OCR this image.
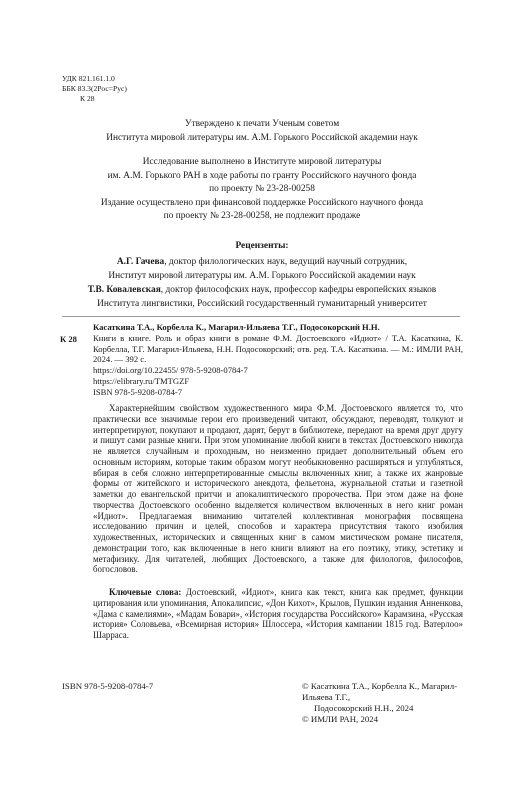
УДК 821.161.1.0
ББК 83.3(2Рос=Рус)
К 28
Утверждено к печати Ученым советом
Института мировой литературы им. А.М. Горького Российской академии наук
Исследование выполнено в Институте мировой литературы
им. А.М. Горького РАН в ходе работы по гранту Российского научного фонда
по проекту № 23-28-00258
Издание осуществлено при финансовой поддержке Российского научного фонда
по проекту № 23-28-00258, не подлежит продаже
Рецензенты:
А.Г. Гачева, доктор филологических наук, ведущий научный сотрудник,
Институт мировой литературы им. А.М. Горького Российской академии наук
Т.В. Ковалевская, доктор философских наук, профессор кафедры европейских языков
Института лингвистики, Российский государственный гуманитарный университет
К 28
Касаткина Т.А., Корбелла К., Магарил-Ильяева Т.Г., Подосокорский Н.Н.
Книги в книге. Роль и образ книги в романе Ф.М. Достоевского «Идиот» / Т.А. Касаткина, К. Корбелла, Т.Г. Магарил-Ильяева, Н.Н. Подосокорский; отв. ред. Т.А. Касаткина. — М.: ИМЛИ РАН, 2024. — 392 с.
https://doi.org/10.22455/ 978-5-9208-0784-7
https://elibrary.ru/TMTGZF
ISBN 978-5-9208-0784-7
Характернейшим свойством художественного мира Ф.М. Достоевского является то, что практически все значимые герои его произведений читают, обсуждают, переводят, толкуют и интерпретируют, покупают и продают, дарят, берут в библиотеке, передают на время друг другу и пишут сами разные книги. При этом упоминание любой книги в текстах Достоевского никогда не является случайным и проходным, но неизменно придает дополнительный объем его основным историям, которые таким образом могут необыкновенно расширяться и углубляться, вбирая в себя сложно интерпретированные смыслы включенных книг, а также их жанровые формы от житейского и исторического анекдота, фельетона, журнальной статьи и газетной заметки до евангельской притчи и апокалиптического пророчества. При этом даже на фоне творчества Достоевского особенно выделяется количеством включенных в него книг роман «Идиот». Предлагаемая вниманию читателей коллективная монография посвящена исследованию причин и целей, способов и характера присутствия такого изобилия художественных, исторических и священных книг в самом мистическом романе писателя, демонстрации того, как включенные в него книги влияют на его поэтику, этику, эстетику и метафизику. Для читателей, любящих Достоевского, а также для филологов, философов, богословов.
Ключевые слова: Достоевский, «Идиот», книга как текст, книга как предмет, функции цитирования или упоминания, Апокалипсис, «Дон Кихот», Крылов, Пушкин издания Анненкова, «Дама с камелиями», «Мадам Бовари», «История государства Российского» Карамзина, «Русская история» Соловьева, «Всемирная история» Шлоссера, «История кампании 1815 год. Ватерлоо» Шарраса.
ISBN 978-5-9208-0784-7	© Касаткина Т.А., Корбелла К., Магарил-Ильяева Т.Г.,
Подосокорский Н.Н., 2024
© ИМЛИ РАН, 2024
